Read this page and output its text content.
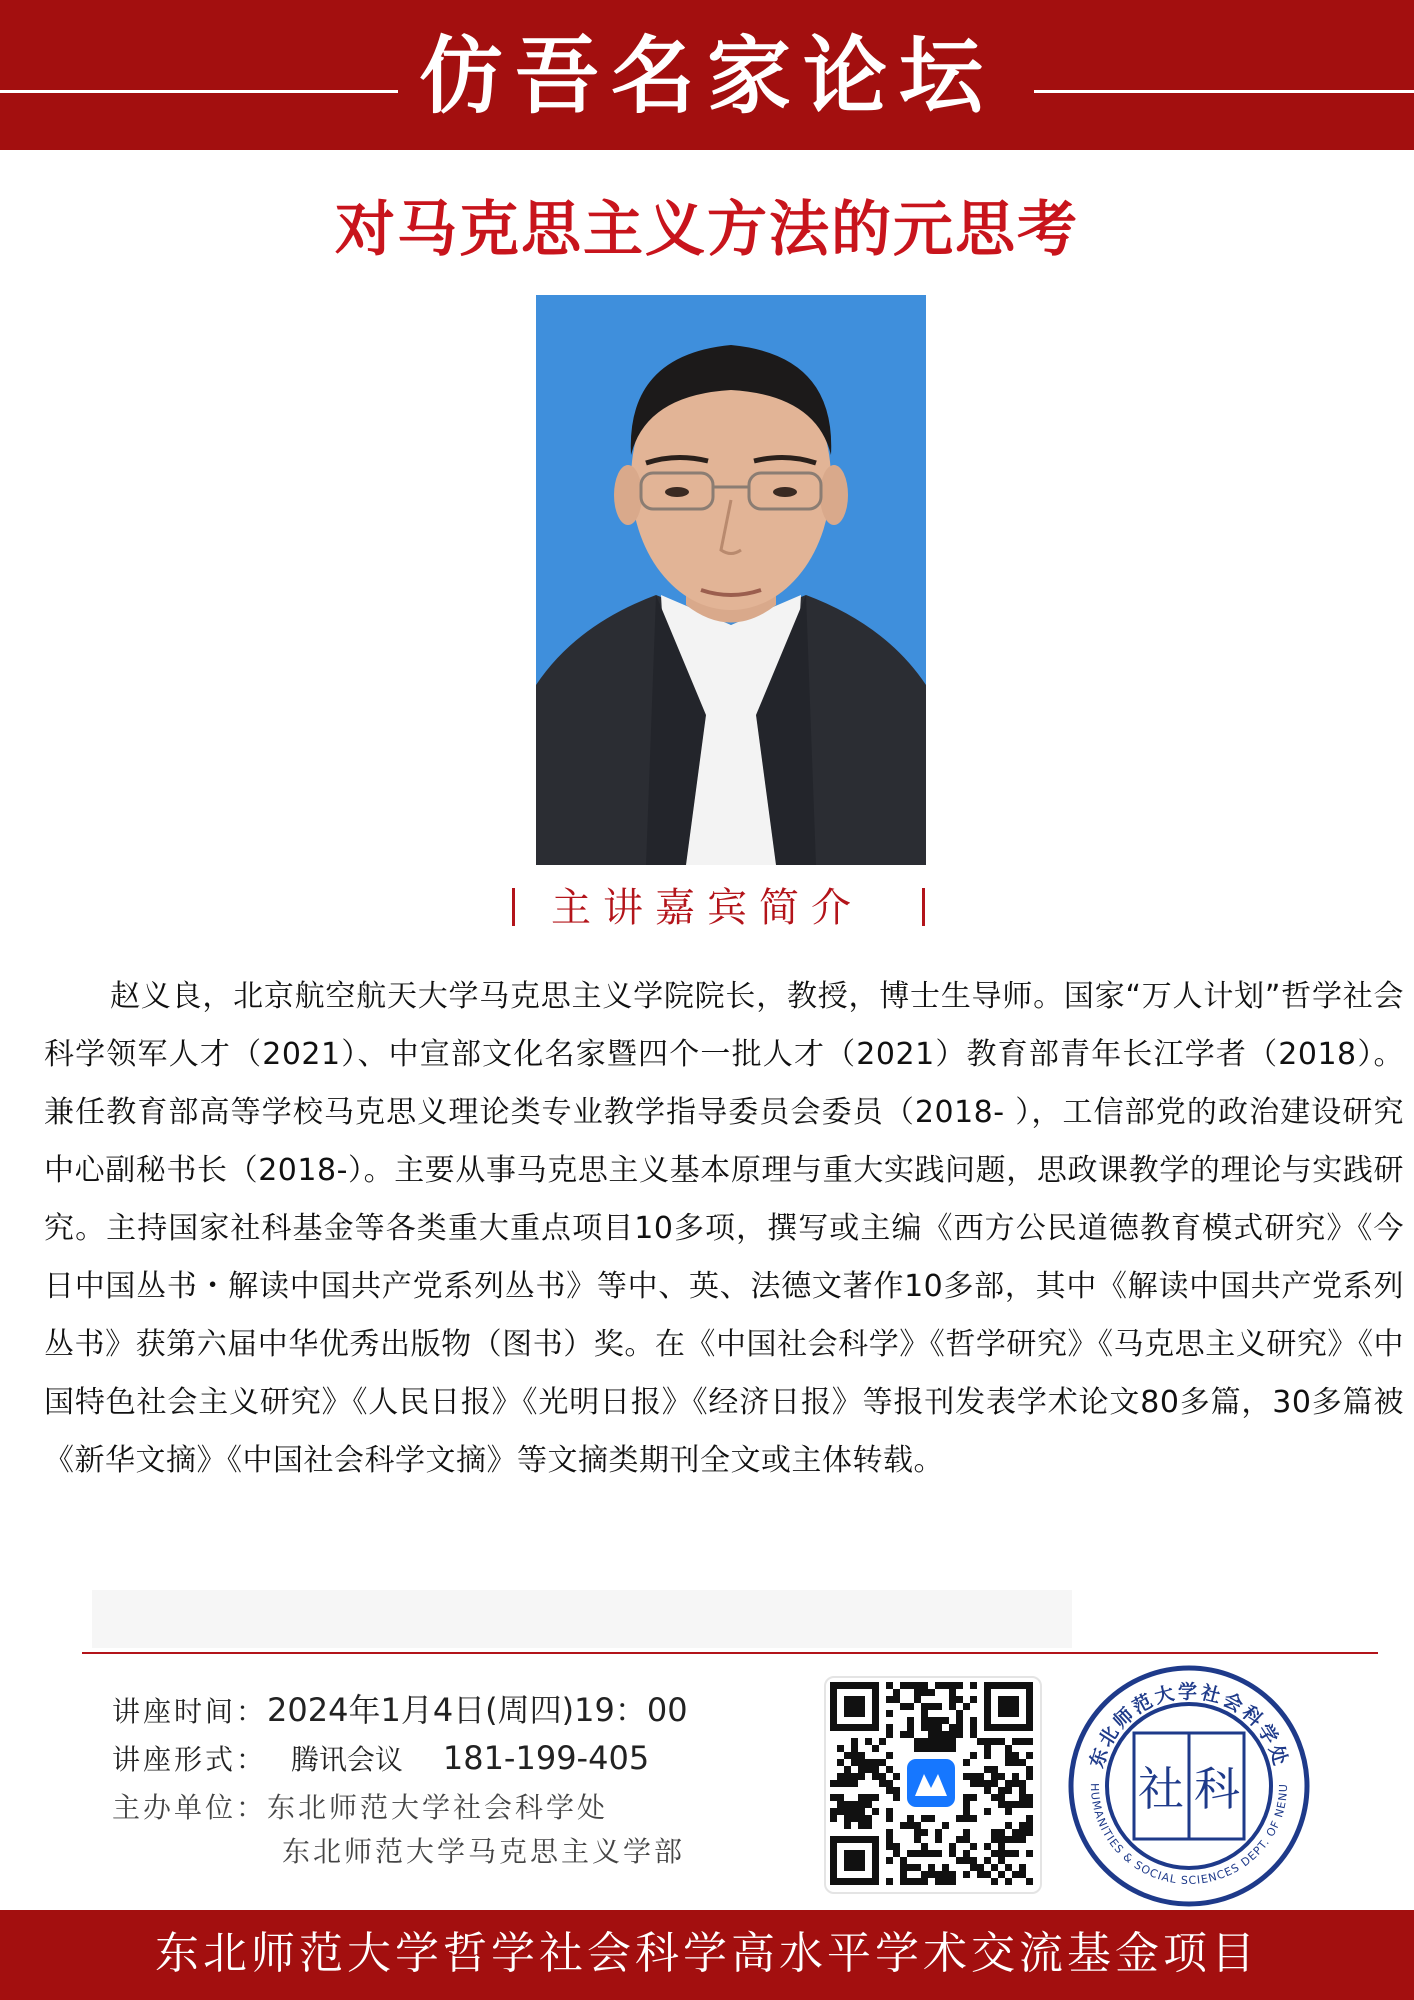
仿吾名家论坛
对马克思主义方法的元思考
主讲嘉宾简介
赵义良，北京航空航天大学马克思主义学院院长，教授，博士生导师。国家“万人计划”哲学社会科学领军人才（2021）、中宣部文化名家暨四个一批人才（2021）教育部青年长江学者（2018）。兼任教育部高等学校马克思义理论类专业教学指导委员会委员（2018- ），工信部党的政治建设研究中心副秘书长（2018-）。主要从事马克思主义基本原理与重大实践问题，思政课教学的理论与实践研究。主持国家社科基金等各类重大重点项目10多项，撰写或主编《西方公民道德教育模式研究》《今日中国丛书・解读中国共产党系列丛书》等中、英、法德文著作10多部，其中《解读中国共产党系列丛书》获第六届中华优秀出版物（图书）奖。在《中国社会科学》《哲学研究》《马克思主义研究》《中国特色社会主义研究》《人民日报》《光明日报》《经济日报》等报刊发表学术论文80多篇，30多篇被《新华文摘》《中国社会科学文摘》等文摘类期刊全文或主体转载。
讲座时间：2024年1月4日(周四)19：00
讲座形式： 腾讯会议 181-199-405
主办单位：东北师范大学社会科学处
东北师范大学马克思主义学部
东北师范大学社会科学处
HUMANITIES & SOCIAL SCIENCES DEPT. OF NENU
社 科
东北师范大学哲学社会科学高水平学术交流基金项目
